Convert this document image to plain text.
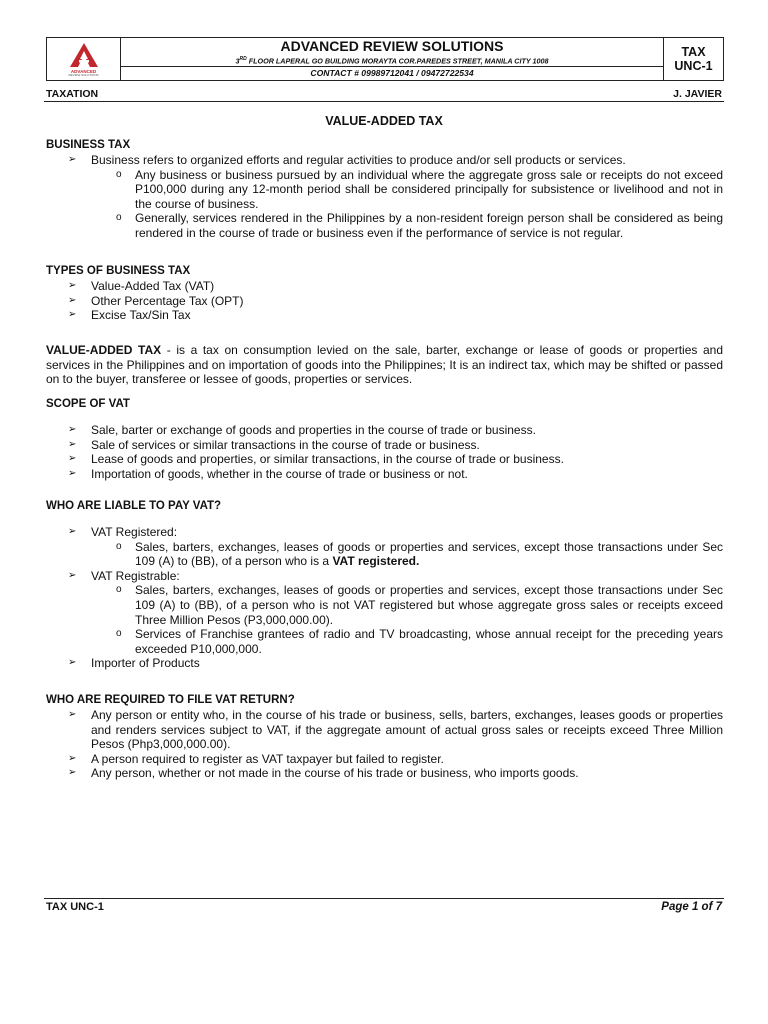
ADVANCED
REVIEW SOLUTIONS
ADVANCED REVIEW SOLUTIONS
3RD FLOOR LAPERAL GO BUILDING MORAYTA COR.PAREDES STREET, MANILA CITY 1008
CONTACT # 09989712041 / 09472722534
TAX
UNC-1
TAXATION	J. JAVIER
VALUE-ADDED TAX
BUSINESS TAX
➢ Business refers to organized efforts and regular activities to produce and/or sell products or services.
o Any business or business pursued by an individual where the aggregate gross sale or receipts do not exceed P100,000 during any 12-month period shall be considered principally for subsistence or livelihood and not in the course of business.
o Generally, services rendered in the Philippines by a non-resident foreign person shall be considered as being rendered in the course of trade or business even if the performance of service is not regular.
TYPES OF BUSINESS TAX
➢ Value-Added Tax (VAT)
➢ Other Percentage Tax (OPT)
➢ Excise Tax/Sin Tax
VALUE-ADDED TAX - is a tax on consumption levied on the sale, barter, exchange or lease of goods or properties and services in the Philippines and on importation of goods into the Philippines; It is an indirect tax, which may be shifted or passed on to the buyer, transferee or lessee of goods, properties or services.
SCOPE OF VAT
➢ Sale, barter or exchange of goods and properties in the course of trade or business.
➢ Sale of services or similar transactions in the course of trade or business.
➢ Lease of goods and properties, or similar transactions, in the course of trade or business.
➢ Importation of goods, whether in the course of trade or business or not.
WHO ARE LIABLE TO PAY VAT?
➢ VAT Registered:
o Sales, barters, exchanges, leases of goods or properties and services, except those transactions under Sec 109 (A) to (BB), of a person who is a VAT registered.
➢ VAT Registrable:
o Sales, barters, exchanges, leases of goods or properties and services, except those transactions under Sec 109 (A) to (BB), of a person who is not VAT registered but whose aggregate gross sales or receipts exceed Three Million Pesos (P3,000,000.00).
o Services of Franchise grantees of radio and TV broadcasting, whose annual receipt for the preceding years exceeded P10,000,000.
➢ Importer of Products
WHO ARE REQUIRED TO FILE VAT RETURN?
➢ Any person or entity who, in the course of his trade or business, sells, barters, exchanges, leases goods or properties and renders services subject to VAT, if the aggregate amount of actual gross sales or receipts exceed Three Million Pesos (Php3,000,000.00).
➢ A person required to register as VAT taxpayer but failed to register.
➢ Any person, whether or not made in the course of his trade or business, who imports goods.
TAX UNC-1	Page 1 of 7
